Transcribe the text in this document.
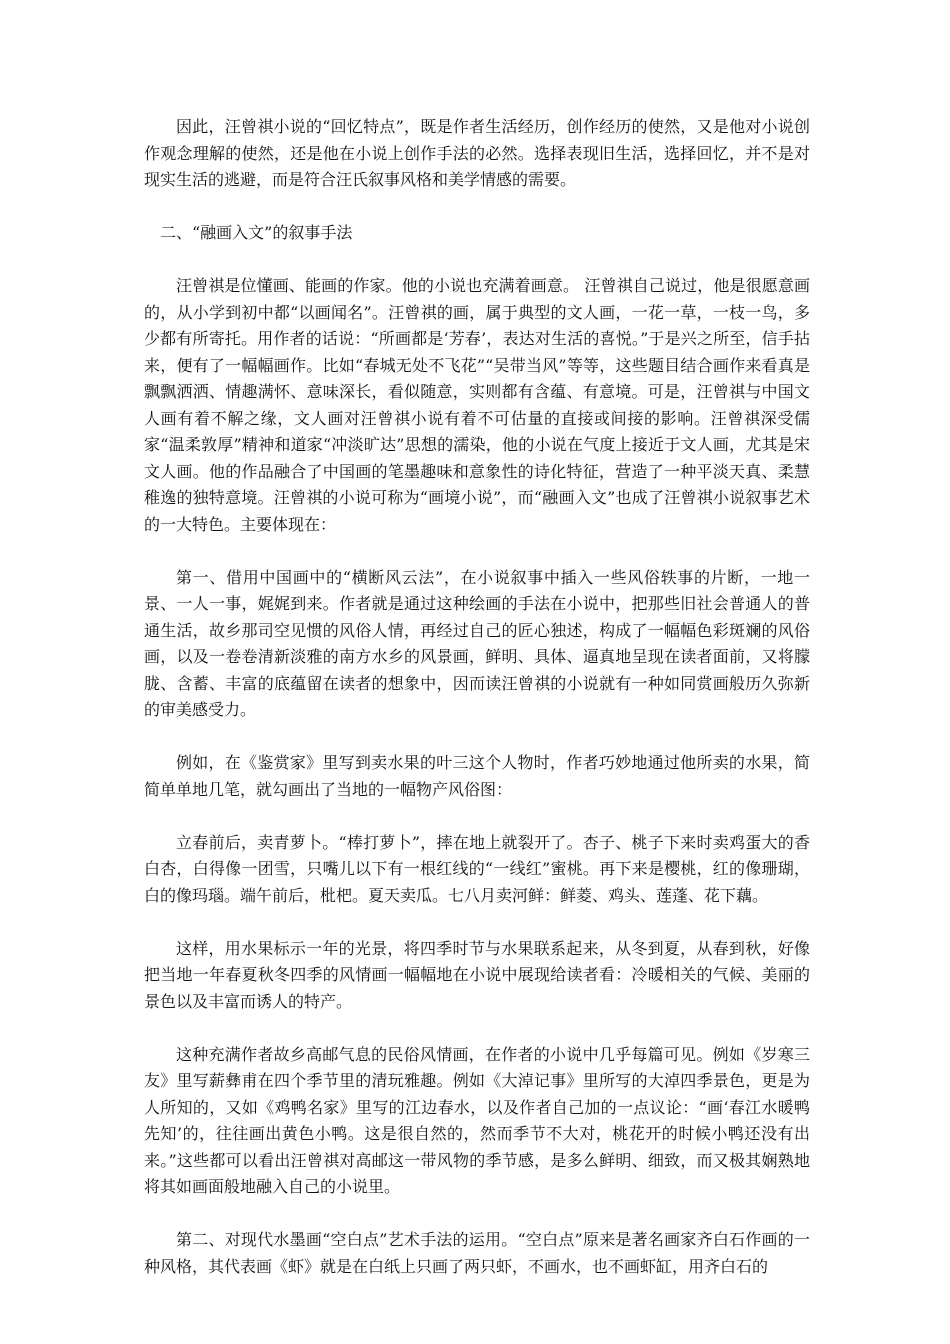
因此，汪曾祺小说的“回忆特点”，既是作者生活经历，创作经历的使然，又是他对小说创作观念理解的使然，还是他在小说上创作手法的必然。选择表现旧生活，选择回忆，并不是对现实生活的逃避，而是符合汪氏叙事风格和美学情感的需要。

二、“融画入文”的叙事手法

汪曾祺是位懂画、能画的作家。他的小说也充满着画意。 汪曾祺自己说过，他是很愿意画的，从小学到初中都“以画闻名”。汪曾祺的画，属于典型的文人画，一花一草，一枝一鸟，多少都有所寄托。用作者的话说：“所画都是‘芳春’，表达对生活的喜悦。”于是兴之所至，信手拈来，便有了一幅幅画作。比如“春城无处不飞花”“吴带当风”等等，这些题目结合画作来看真是飘飘洒洒、情趣满怀、意味深长，看似随意，实则都有含蕴、有意境。可是，汪曾祺与中国文人画有着不解之缘，文人画对汪曾祺小说有着不可估量的直接或间接的影响。汪曾祺深受儒家“温柔敦厚”精神和道家“冲淡旷达”思想的濡染，他的小说在气度上接近于文人画，尤其是宋文人画。他的作品融合了中国画的笔墨趣味和意象性的诗化特征，营造了一种平淡天真、柔慧稚逸的独特意境。汪曾祺的小说可称为“画境小说”，而“融画入文”也成了汪曾祺小说叙事艺术的一大特色。主要体现在：

第一、借用中国画中的“横断风云法”，在小说叙事中插入一些风俗轶事的片断，一地一景、一人一事，娓娓到来。作者就是通过这种绘画的手法在小说中，把那些旧社会普通人的普通生活，故乡那司空见惯的风俗人情，再经过自己的匠心独述，构成了一幅幅色彩斑斓的风俗画，以及一卷卷清新淡雅的南方水乡的风景画，鲜明、具体、逼真地呈现在读者面前，又将朦胧、含蓄、丰富的底蕴留在读者的想象中，因而读汪曾祺的小说就有一种如同赏画般历久弥新的审美感受力。

例如，在《鉴赏家》里写到卖水果的叶三这个人物时，作者巧妙地通过他所卖的水果，简简单单地几笔，就勾画出了当地的一幅物产风俗图：

立春前后，卖青萝卜。“棒打萝卜”，摔在地上就裂开了。杏子、桃子下来时卖鸡蛋大的香白杏，白得像一团雪，只嘴儿以下有一根红线的“一线红”蜜桃。再下来是樱桃，红的像珊瑚，白的像玛瑙。端午前后，枇杷。夏天卖瓜。七八月卖河鲜：鲜菱、鸡头、莲蓬、花下藕。

这样，用水果标示一年的光景，将四季时节与水果联系起来，从冬到夏，从春到秋，好像把当地一年春夏秋冬四季的风情画一幅幅地在小说中展现给读者看：冷暖相关的气候、美丽的景色以及丰富而诱人的特产。

这种充满作者故乡高邮气息的民俗风情画，在作者的小说中几乎每篇可见。例如《岁寒三友》里写薪彝甫在四个季节里的清玩雅趣。例如《大淖记事》里所写的大淖四季景色，更是为人所知的，又如《鸡鸭名家》里写的江边春水，以及作者自己加的一点议论：“画‘春江水暖鸭先知’的，往往画出黄色小鸭。这是很自然的，然而季节不大对，桃花开的时候小鸭还没有出来。”这些都可以看出汪曾祺对高邮这一带风物的季节感，是多么鲜明、细致，而又极其娴熟地将其如画面般地融入自己的小说里。

第二、对现代水墨画“空白点”艺术手法的运用。“空白点”原来是著名画家齐白石作画的一种风格，其代表画《虾》就是在白纸上只画了两只虾，不画水，也不画虾缸，用齐白石的
